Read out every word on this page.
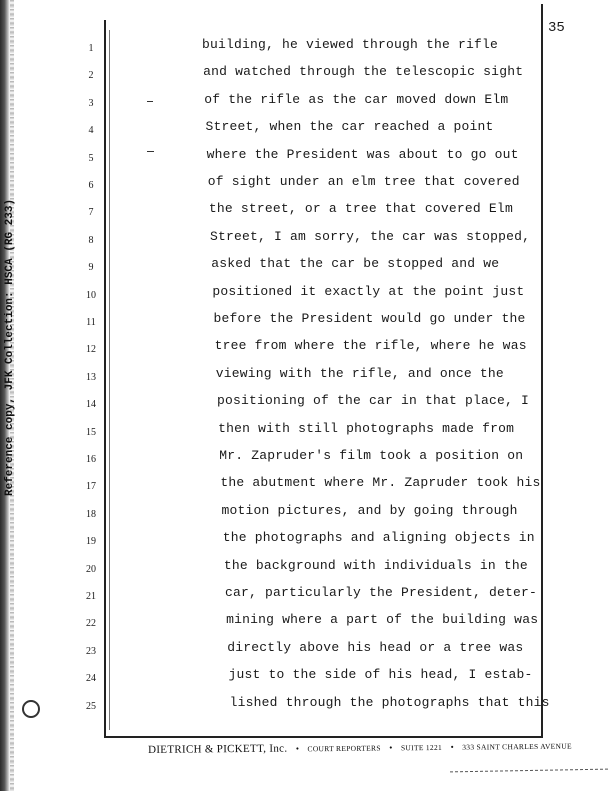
Reference copy, JFK Collection: HSCA (RG 233)
35
1	building, he viewed through the rifle
2	and watched through the telescopic sight
3	of the rifle as the car moved down Elm
4	Street, when the car reached a point
5	where the President was about to go out
6	of sight under an elm tree that covered
7	the street, or a tree that covered Elm
8	Street, I am sorry, the car was stopped,
9	asked that the car be stopped and we
10	positioned it exactly at the point just
11	before the President would go under the
12	tree from where the rifle, where he was
13	viewing with the rifle, and once the
14	positioning of the car in that place, I
15	then with still photographs made from
16	Mr. Zapruder's film took a position on
17	the abutment where Mr. Zapruder took his
18	motion pictures, and by going through
19	the photographs and aligning objects in
20	the background with individuals in the
21	car, particularly the President, deter-
22	mining where a part of the building was
23	directly above his head or a tree was
24	just to the side of his head, I estab-
25	lished through the photographs that this
DIETRICH & PICKETT, Inc. • COURT REPORTERS • SUITE 1221 • 333 SAINT CHARLES AVENUE
